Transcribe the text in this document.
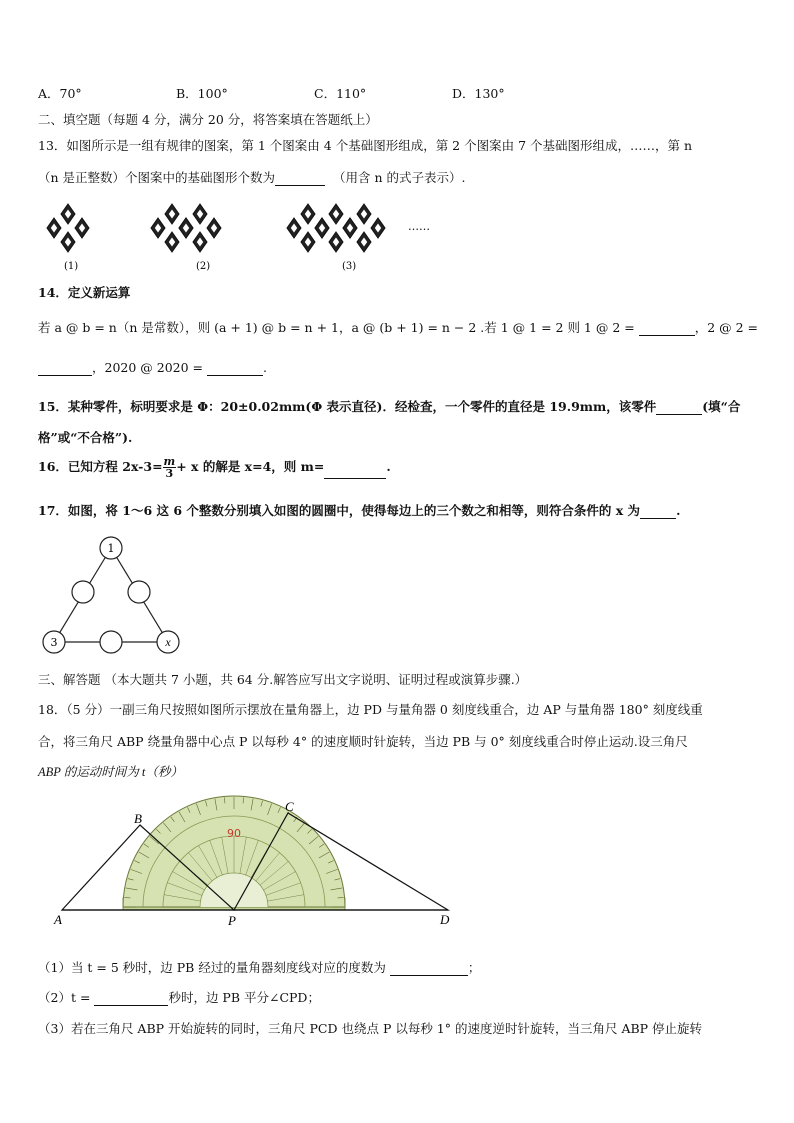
A．70°	B．100°	C．110°	D．130°
二、填空题（每题 4 分，满分 20 分，将答案填在答题纸上）
13．如图所示是一组有规律的图案，第 1 个图案由 4 个基础图形组成，第 2 个图案由 7 个基础图形组成，……，第 n
（n 是正整数）个图案中的基础图形个数为	（用含 n 的式子表示）.
(1)	(2)	(3)
……
14．定义新运算
若 a @ b = n（n 是常数），则 (a + 1) @ b = n + 1，a @ (b + 1) = n − 2 .若 1 @ 1 = 2 则 1 @ 2 =	，2 @ 2 =
，2020 @ 2020 =	.
15．某种零件，标明要求是 Φ：20±0.02mm(Φ 表示直径)．经检查，一个零件的直径是 19.9mm，该零件	(填“合
格”或“不合格”).
16．已知方程 $2x-3= \frac{m}{3} + x$ 的解是 x=4，则 m=	.
17．如图，将 1～6 这 6 个整数分别填入如图的圆圈中，使得每边上的三个数之和相等，则符合条件的 x 为	.
1
3	x
三、解答题 （本大题共 7 小题，共 64 分.解答应写出文字说明、证明过程或演算步骤.）
18．（5 分）一副三角尺按照如图所示摆放在量角器上，边 PD 与量角器 0 刻度线重合，边 AP 与量角器 180° 刻度线重
合，将三角尺 ABP 绕量角器中心点 P 以每秒 4° 的速度顺时针旋转，当边 PB 与 0° 刻度线重合时停止运动.设三角尺
ABP 的运动时间为 t（秒）
90
A
B
C
D
P
（1）当 t = 5 秒时，边 PB 经过的量角器刻度线对应的度数为	；
（2）t =	秒时，边 PB 平分∠CPD；
（3）若在三角尺 ABP 开始旋转的同时，三角尺 PCD 也绕点 P 以每秒 1° 的速度逆时针旋转，当三角尺 ABP 停止旋转
